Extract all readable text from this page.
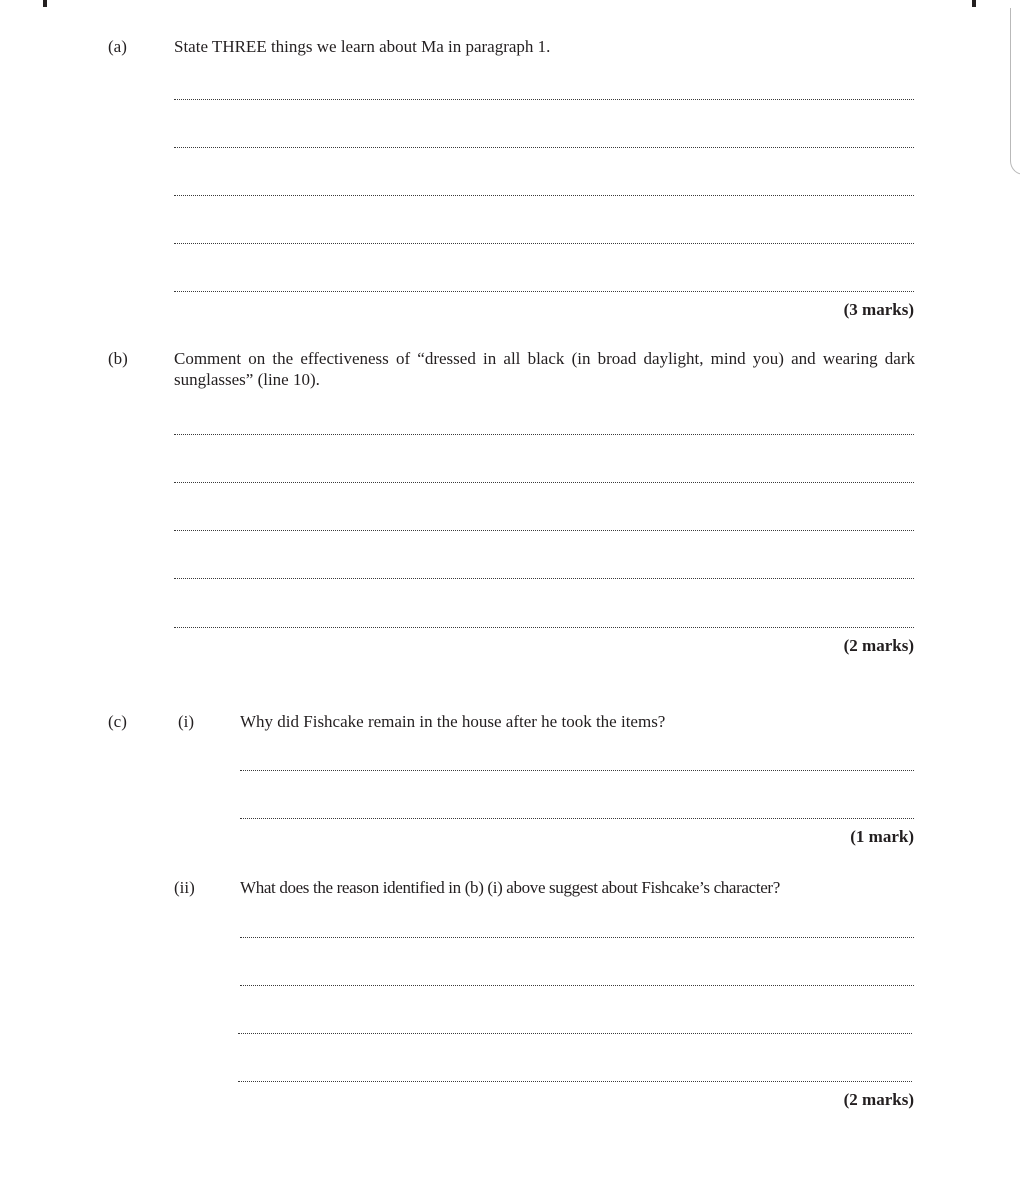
(a)	State THREE things we learn about Ma in paragraph 1.
(3 marks)
(b)	Comment on the effectiveness of “dressed in all black (in broad daylight, mind you) and wearing dark sunglasses” (line 10).
(2 marks)
(c)	(i)	Why did Fishcake remain in the house after he took the items?
(1 mark)
(ii)	What does the reason identified in (b) (i) above suggest about Fishcake’s character?
(2 marks)
